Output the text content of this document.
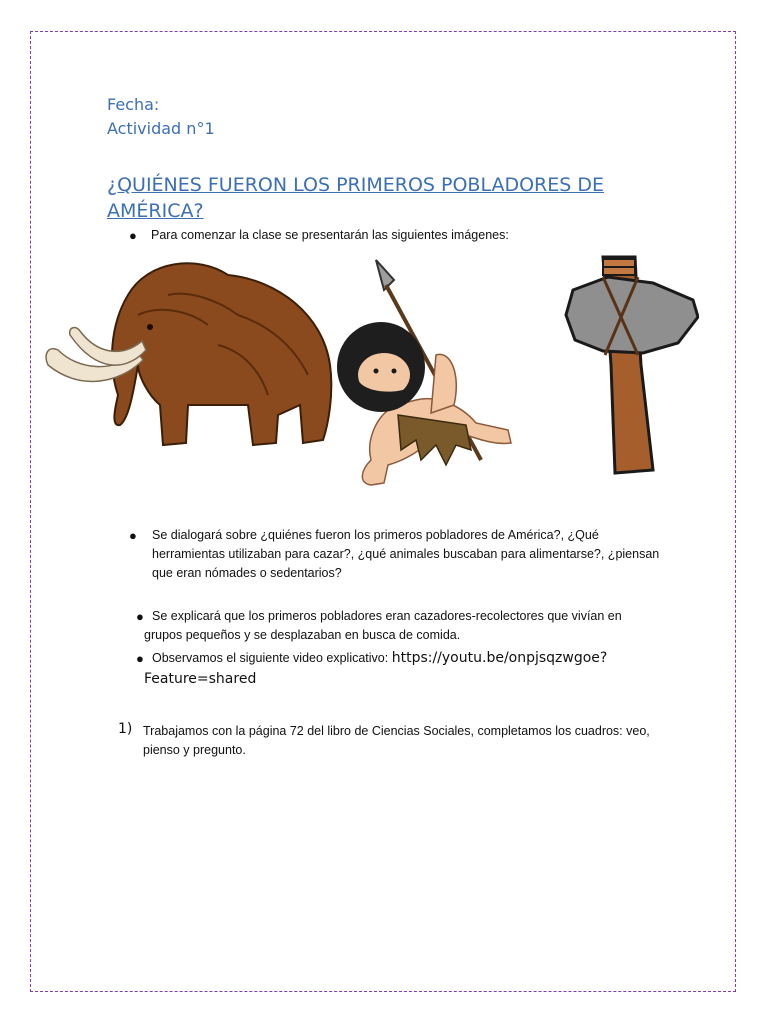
Fecha:
Actividad n°1
¿QUIÉNES FUERON LOS PRIMEROS POBLADORES DE AMÉRICA?
● Para comenzar la clase se presentarán las siguientes imágenes:
● Se dialogará sobre ¿quiénes fueron los primeros pobladores de América?, ¿Qué herramientas utilizaban para cazar?, ¿qué animales buscaban para alimentarse?, ¿piensan que eran nómades o sedentarios?
● Se explicará que los primeros pobladores eran cazadores-recolectores que vivían en grupos pequeños y se desplazaban en busca de comida.
● Observamos el siguiente video explicativo: https://youtu.be/onpjsqzwgoe?Feature=shared
1) Trabajamos con la página 72 del libro de Ciencias Sociales, completamos los cuadros: veo, pienso y pregunto.
